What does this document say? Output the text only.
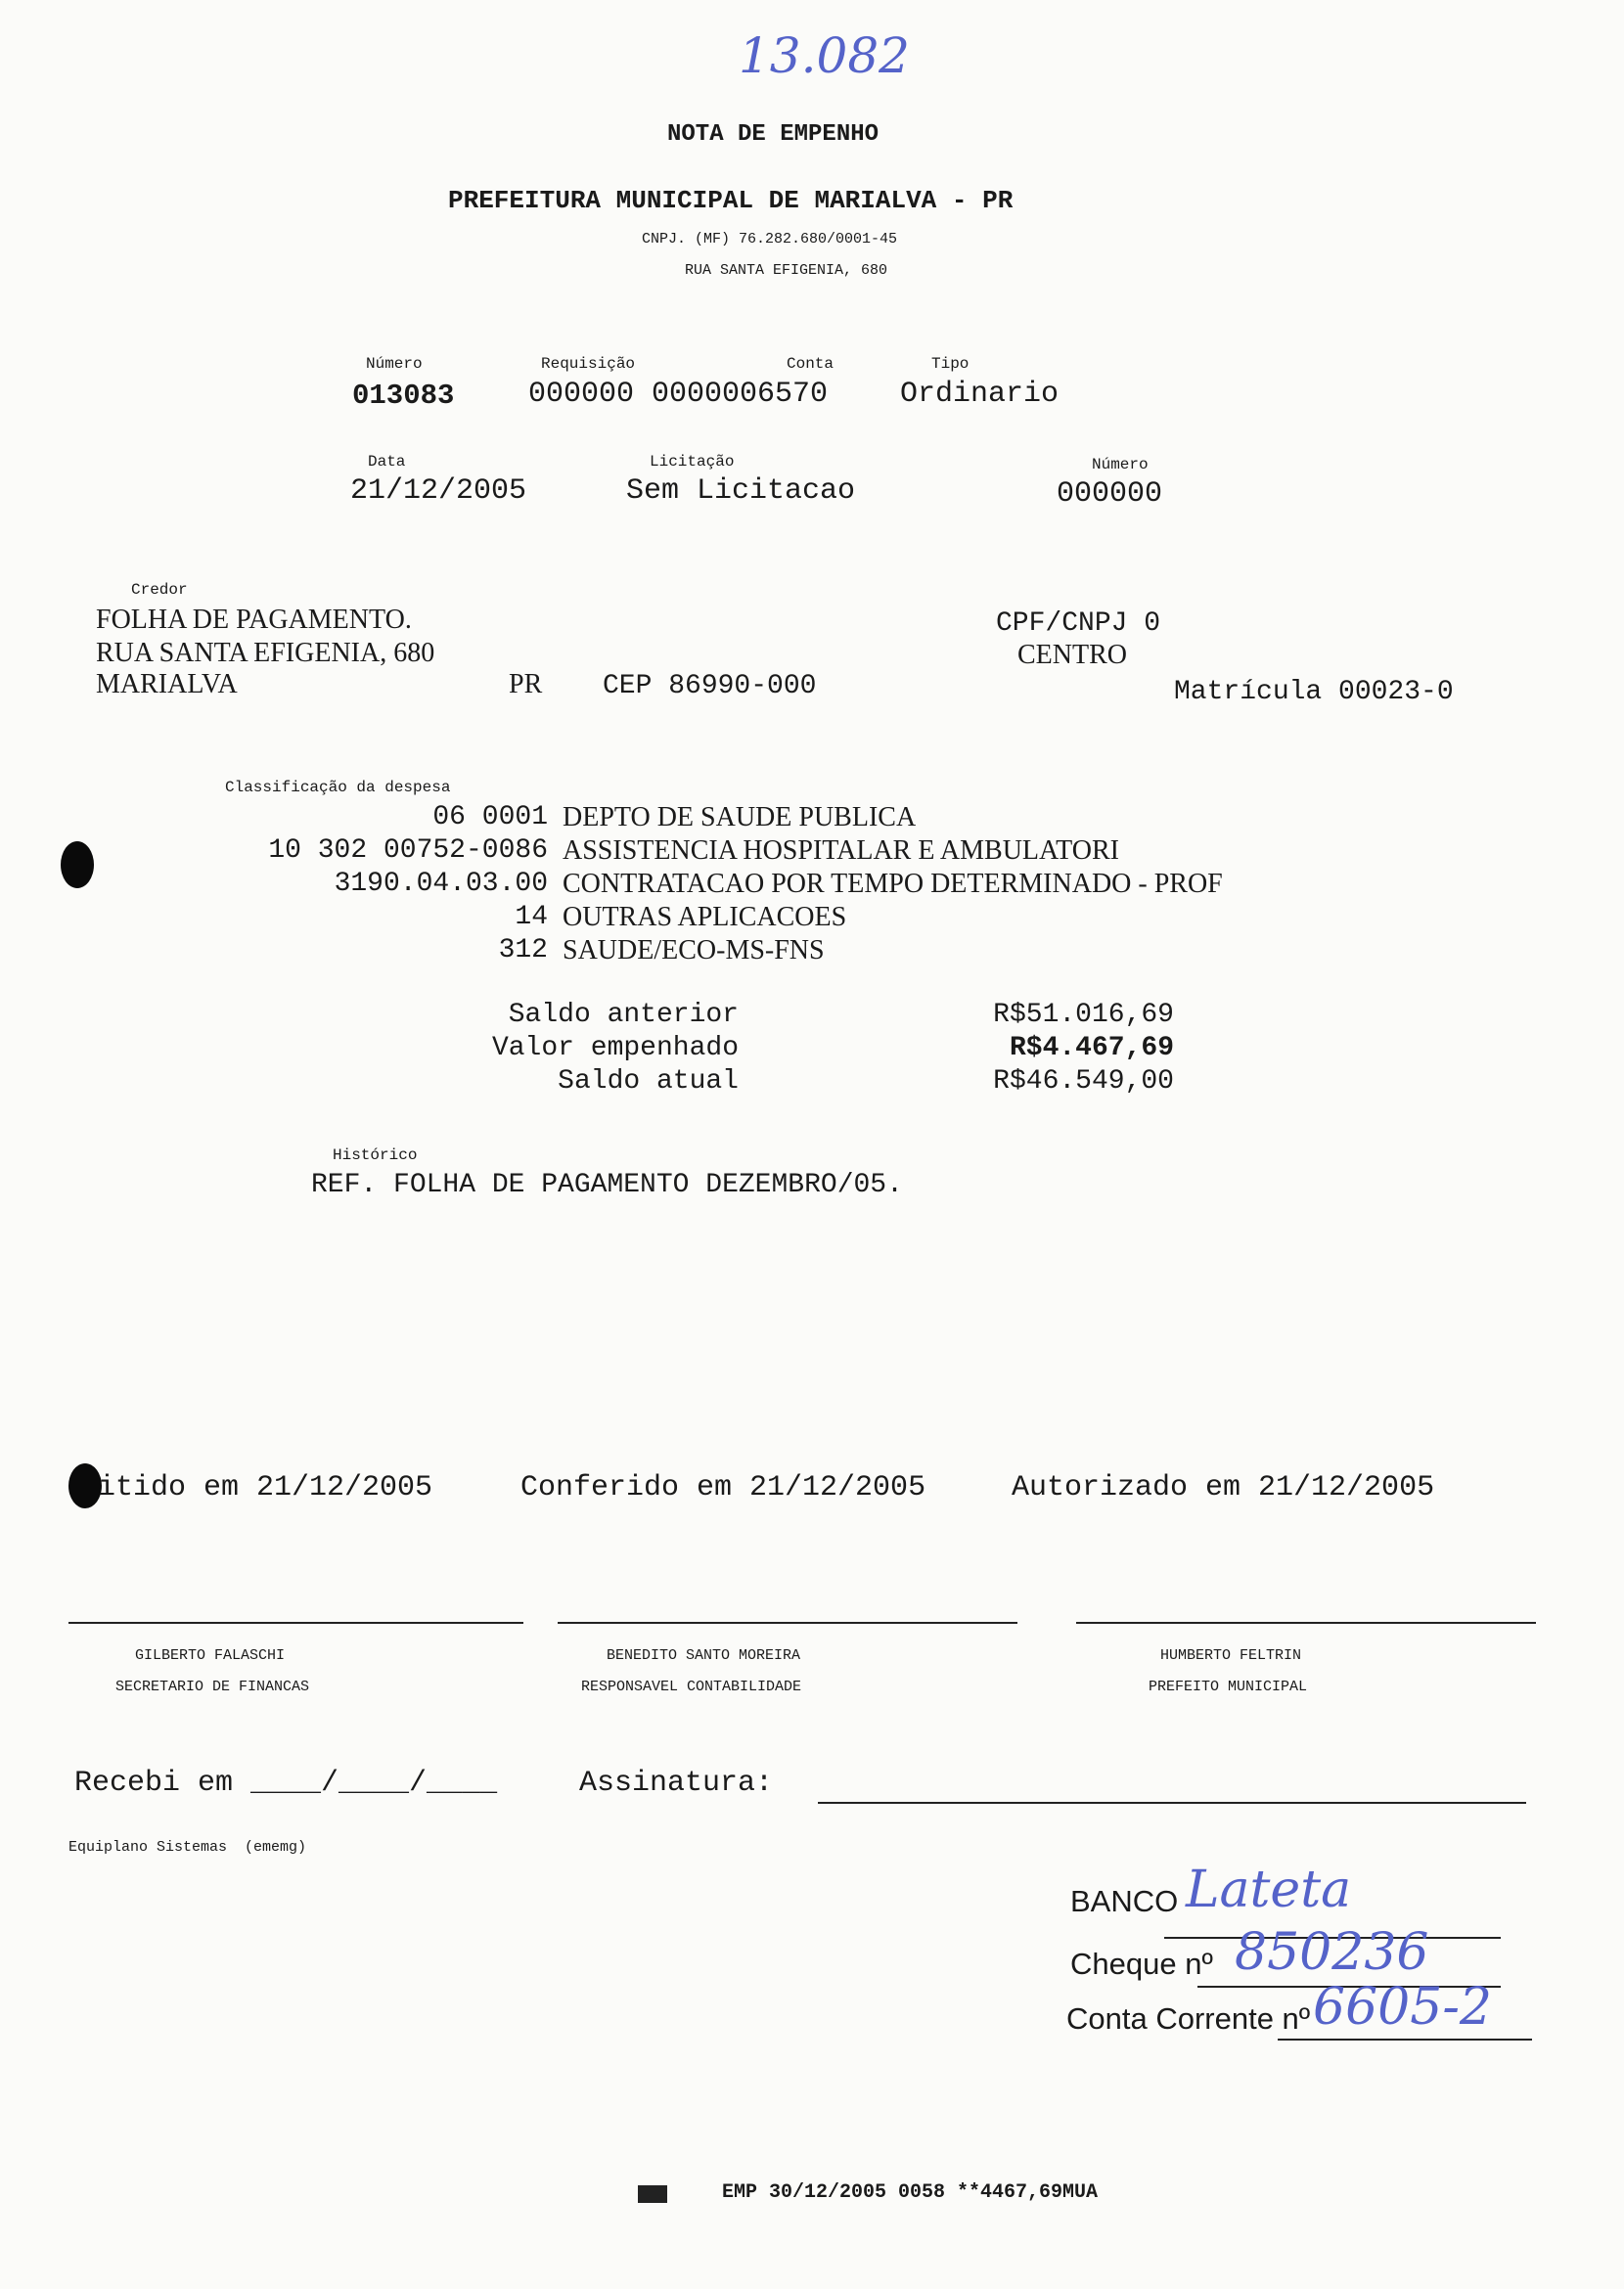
13.082
NOTA DE EMPENHO
PREFEITURA MUNICIPAL DE MARIALVA - PR
CNPJ. (MF) 76.282.680/0001-45
RUA SANTA EFIGENIA, 680
Número
013083
Requisição	Conta
000000 0000006570
Tipo
Ordinario
Data
21/12/2005
Licitação
Sem Licitacao
Número
000000
Credor
FOLHA DE PAGAMENTO.
RUA SANTA EFIGENIA, 680
MARIALVA	PR CEP 86990-000
CPF/CNPJ 0
CENTRO
Matrícula 00023-0
Classificação da despesa
06 0001 DEPTO DE SAUDE PUBLICA
10 302 00752-0086 ASSISTENCIA HOSPITALAR E AMBULATORI
3190.04.03.00 CONTRATACAO POR TEMPO DETERMINADO - PROF
14 OUTRAS APLICACOES
312 SAUDE/ECO-MS-FNS
Saldo anterior	R$51.016,69
Valor empenhado	R$4.467,69
Saldo atual	R$46.549,00
Histórico
REF. FOLHA DE PAGAMENTO DEZEMBRO/05.
itido em 21/12/2005	Conferido em 21/12/2005	Autorizado em 21/12/2005
GILBERTO FALASCHI
SECRETARIO DE FINANCAS
BENEDITO SANTO MOREIRA
RESPONSAVEL CONTABILIDADE
HUMBERTO FELTRIN
PREFEITO MUNICIPAL
Recebi em ____/____/____	Assinatura:
Equiplano Sistemas  (ememg)
BANCO Lateta
Cheque nº 850236
Conta Corrente nº 6605-2
EMP 30/12/2005 0058 **4467,69MUA
